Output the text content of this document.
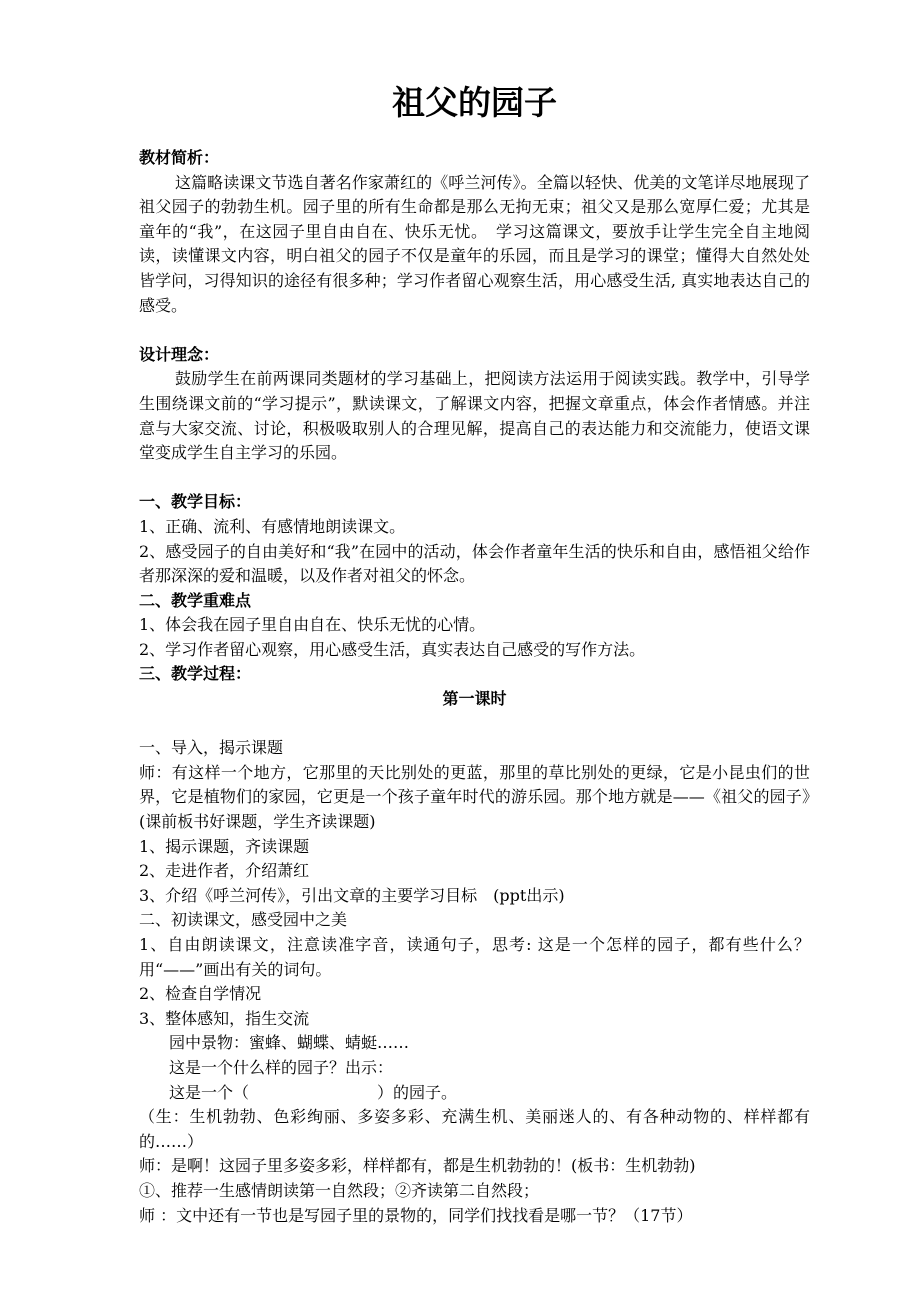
祖父的园子

教材简析：

这篇略读课文节选自著名作家萧红的《呼兰河传》。全篇以轻快、优美的文笔详尽地展现了祖父园子的勃勃生机。园子里的所有生命都是那么无拘无束；祖父又是那么宽厚仁爱；尤其是童年的“我”，在这园子里自由自在、快乐无忧。　学习这篇课文，要放手让学生完全自主地阅读，读懂课文内容，明白祖父的园子不仅是童年的乐园，而且是学习的课堂；懂得大自然处处皆学问，习得知识的途径有很多种；学习作者留心观察生活，用心感受生活, 真实地表达自己的感受。

设计理念：

鼓励学生在前两课同类题材的学习基础上，把阅读方法运用于阅读实践。教学中，引导学生围绕课文前的“学习提示”，默读课文，了解课文内容，把握文章重点，体会作者情感。并注意与大家交流、讨论，积极吸取别人的合理见解，提高自己的表达能力和交流能力，使语文课堂变成学生自主学习的乐园。

一、教学目标：

1、正确、流利、有感情地朗读课文。

2、感受园子的自由美好和“我”在园中的活动，体会作者童年生活的快乐和自由，感悟祖父给作者那深深的爱和温暖，以及作者对祖父的怀念。

二、教学重难点

1、体会我在园子里自由自在、快乐无忧的心情。

2、学习作者留心观察，用心感受生活，真实表达自己感受的写作方法。

三、教学过程：

第一课时

一、导入，揭示课题

师：有这样一个地方，它那里的天比别处的更蓝，那里的草比别处的更绿，它是小昆虫们的世界，它是植物们的家园，它更是一个孩子童年时代的游乐园。那个地方就是——《祖父的园子》(课前板书好课题，学生齐读课题)

1、揭示课题，齐读课题

2、走进作者，介绍萧红

3、介绍《呼兰河传》，引出文章的主要学习目标　(ppt出示)

二、初读课文，感受园中之美

1、自由朗读课文，注意读准字音，读通句子，思考: 这是一个怎样的园子，都有些什么？用“——”画出有关的词句。

2、检查自学情况

3、整体感知，指生交流

园中景物：蜜蜂、蝴蝶、蜻蜓……

这是一个什么样的园子？出示：

这是一个（　　　　　　　　）的园子。

（生：生机勃勃、色彩绚丽、多姿多彩、充满生机、美丽迷人的、有各种动物的、样样都有的……）

师：是啊！这园子里多姿多彩，样样都有，都是生机勃勃的！(板书：生机勃勃)

①、推荐一生感情朗读第一自然段；②齐读第二自然段；

师 ：文中还有一节也是写园子里的景物的，同学们找找看是哪一节？（17节）
